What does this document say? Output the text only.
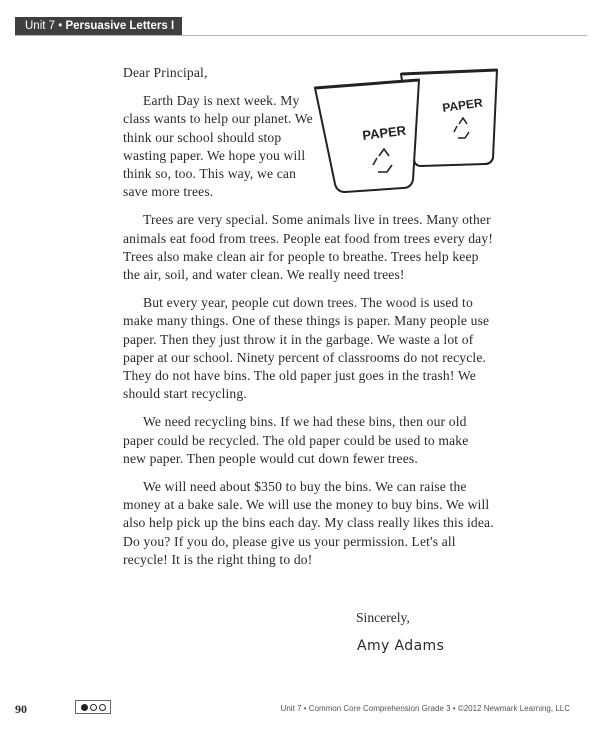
Unit 7 • Persuasive Letters I
PAPER
PAPER

Dear Principal,

Earth Day is next week. My class wants to help our planet. We think our school should stop wasting paper. We hope you will think so, too. This way, we can save more trees.

Trees are very special. Some animals live in trees. Many other animals eat food from trees. People eat food from trees every day! Trees also make clean air for people to breathe. Trees help keep the air, soil, and water clean. We really need trees!

But every year, people cut down trees. The wood is used to make many things. One of these things is paper. Many people use paper. Then they just throw it in the garbage. We waste a lot of paper at our school. Ninety percent of classrooms do not recycle. They do not have bins. The old paper just goes in the trash! We should start recycling.

We need recycling bins. If we had these bins, then our old paper could be recycled. The old paper could be used to make new paper. Then people would cut down fewer trees.

We will need about $350 to buy the bins. We can raise the money at a bake sale. We will use the money to buy bins. We will also help pick up the bins each day. My class really likes this idea. Do you? If you do, please give us your permission. Let's all recycle! It is the right thing to do!

Sincerely,
Amy Adams
90	Unit 7 • Common Core Comprehension Grade 3 • ©2012 Newmark Learning, LLC
